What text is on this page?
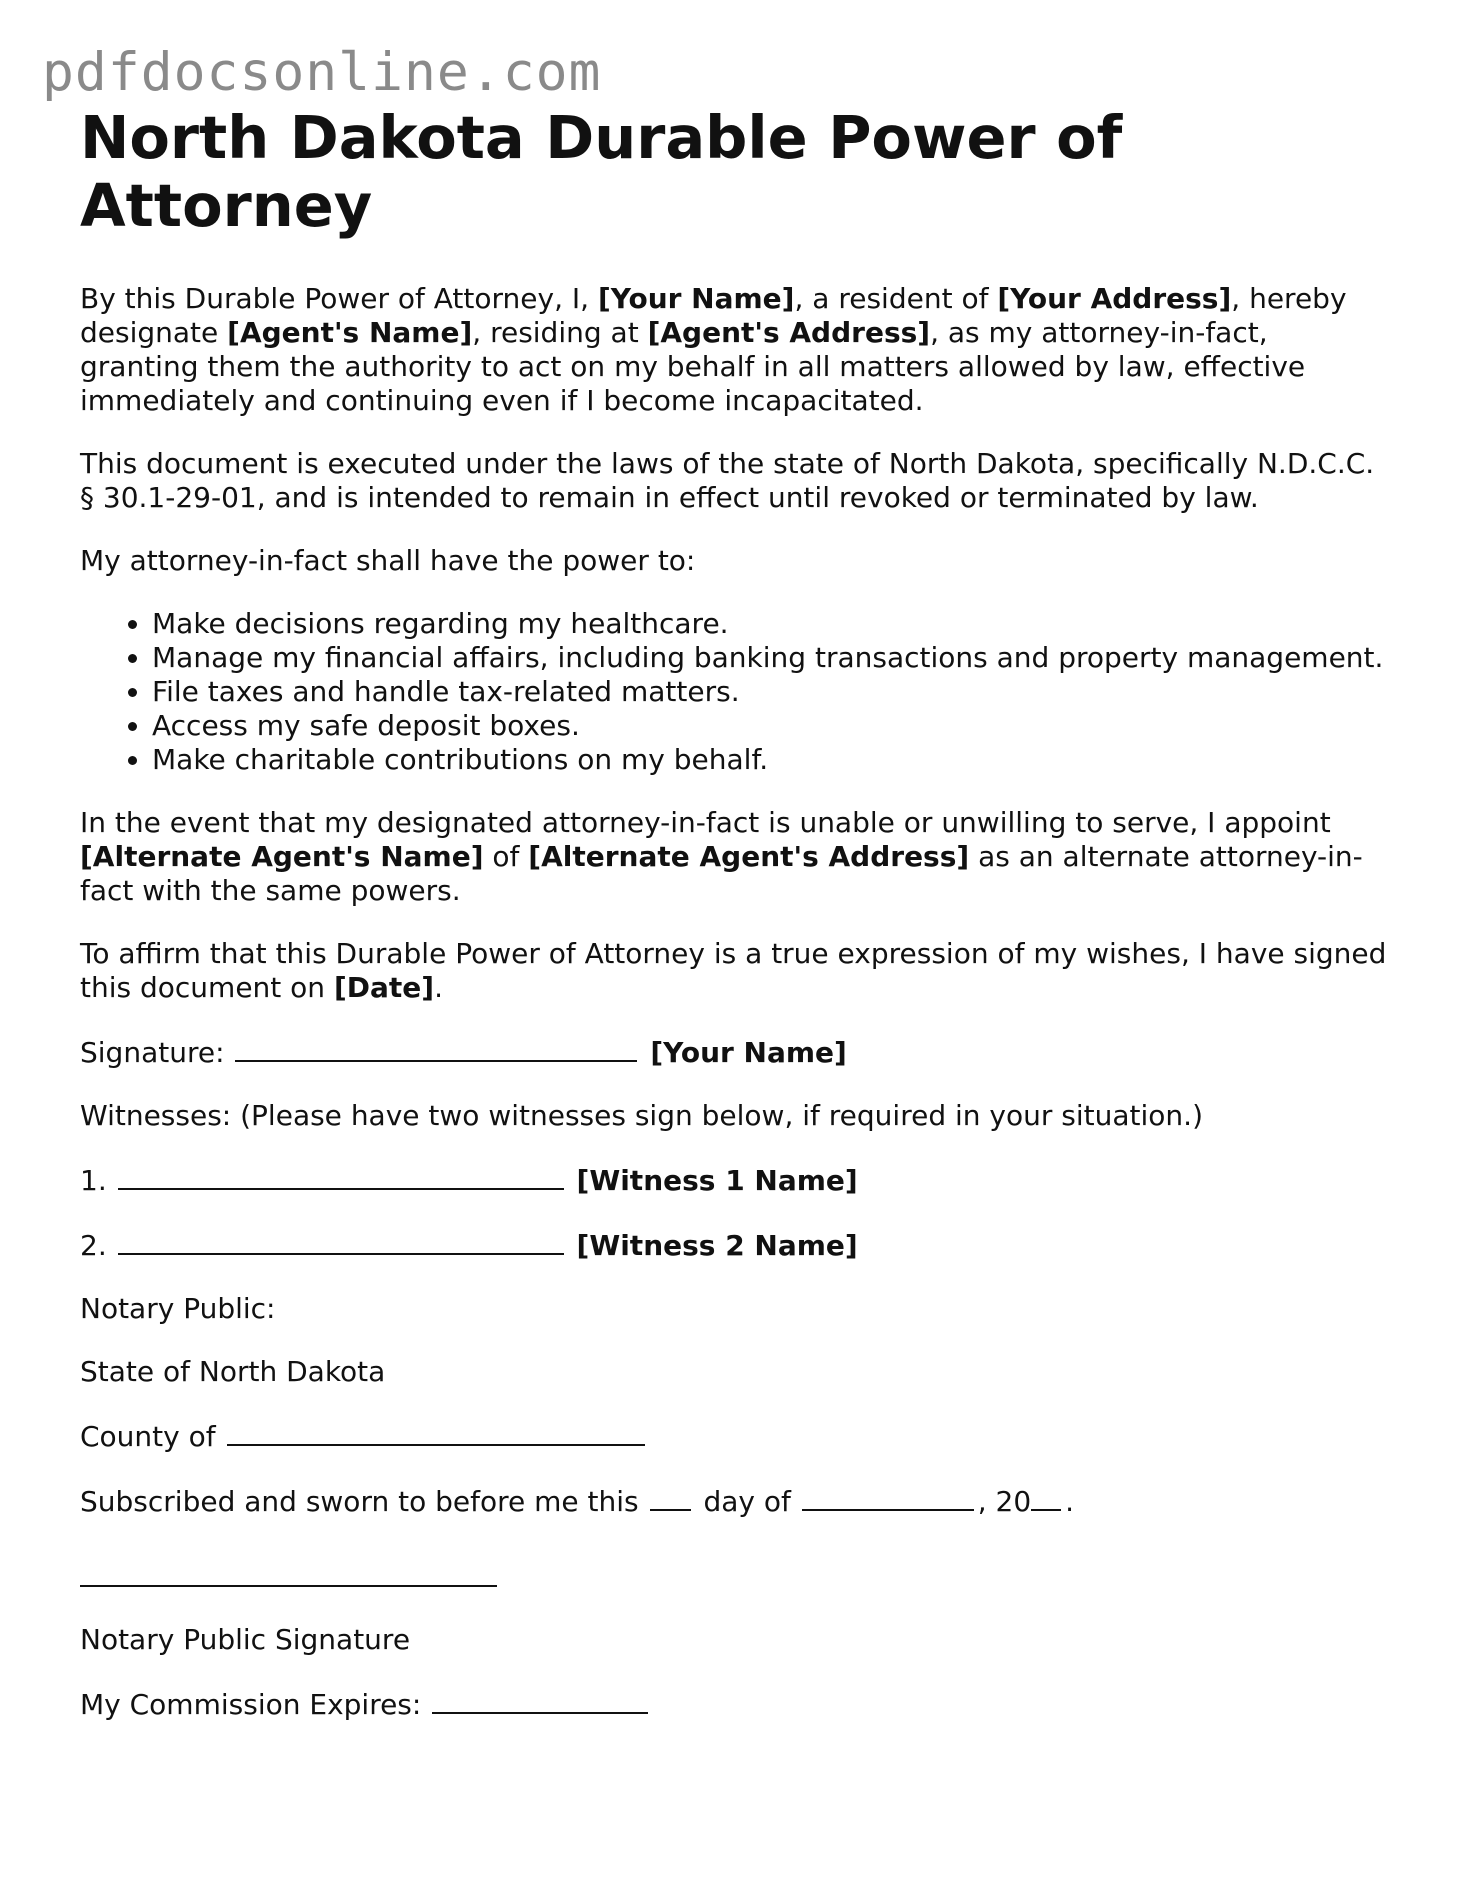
pdfdocsonline.com
North Dakota Durable Power of Attorney

By this Durable Power of Attorney, I, [Your Name], a resident of [Your Address], hereby designate [Agent's Name], residing at [Agent's Address], as my attorney-in-fact, granting them the authority to act on my behalf in all matters allowed by law, effective immediately and continuing even if I become incapacitated.

This document is executed under the laws of the state of North Dakota, specifically N.D.C.C. § 30.1-29-01, and is intended to remain in effect until revoked or terminated by law.

My attorney-in-fact shall have the power to:

• Make decisions regarding my healthcare.
• Manage my financial affairs, including banking transactions and property management.
• File taxes and handle tax-related matters.
• Access my safe deposit boxes.
• Make charitable contributions on my behalf.

In the event that my designated attorney-in-fact is unable or unwilling to serve, I appoint [Alternate Agent's Name] of [Alternate Agent's Address] as an alternate attorney-in-fact with the same powers.

To affirm that this Durable Power of Attorney is a true expression of my wishes, I have signed this document on [Date].

Signature:	[Your Name]

Witnesses: (Please have two witnesses sign below, if required in your situation.)

1.	[Witness 1 Name]

2.	[Witness 2 Name]

Notary Public:

State of North Dakota

County of

Subscribed and sworn to before me this day of	, 20 .

Notary Public Signature

My Commission Expires:
